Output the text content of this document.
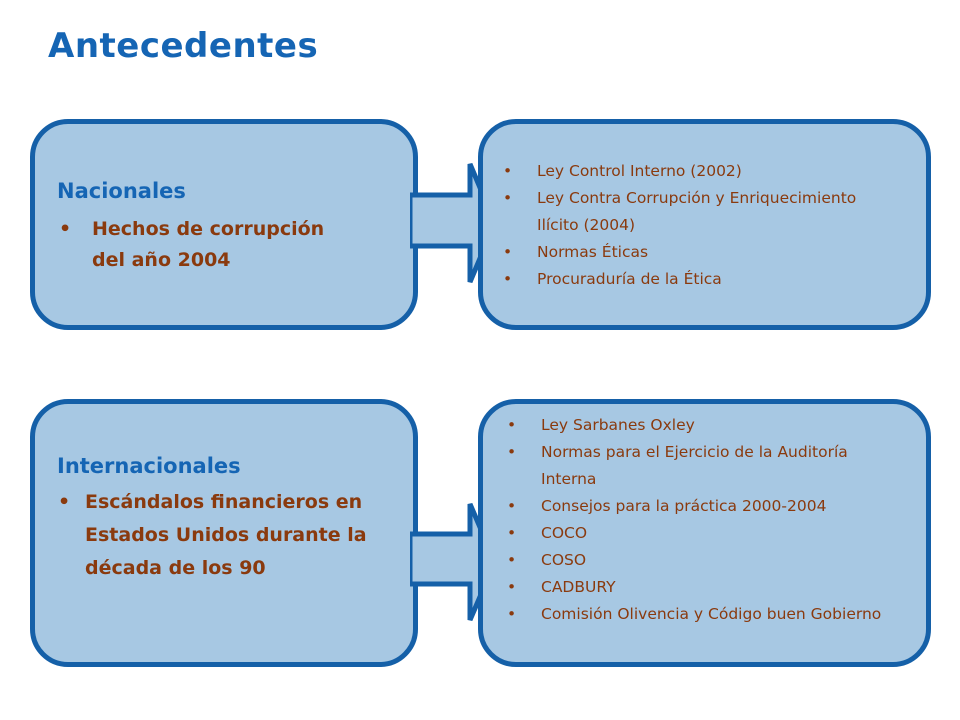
Antecedentes
Nacionales
• Hechos de corrupción del año 2004
• Ley Control Interno (2002)
• Ley Contra Corrupción y Enriquecimiento Ilícito (2004)
• Normas Éticas
• Procuraduría de la Ética
Internacionales
• Escándalos financieros en Estados Unidos durante la década de los 90
• Ley Sarbanes Oxley
• Normas para el Ejercicio de la Auditoría Interna
• Consejos para la práctica 2000-2004
• COCO
• COSO
• CADBURY
• Comisión Olivencia y Código buen Gobierno
